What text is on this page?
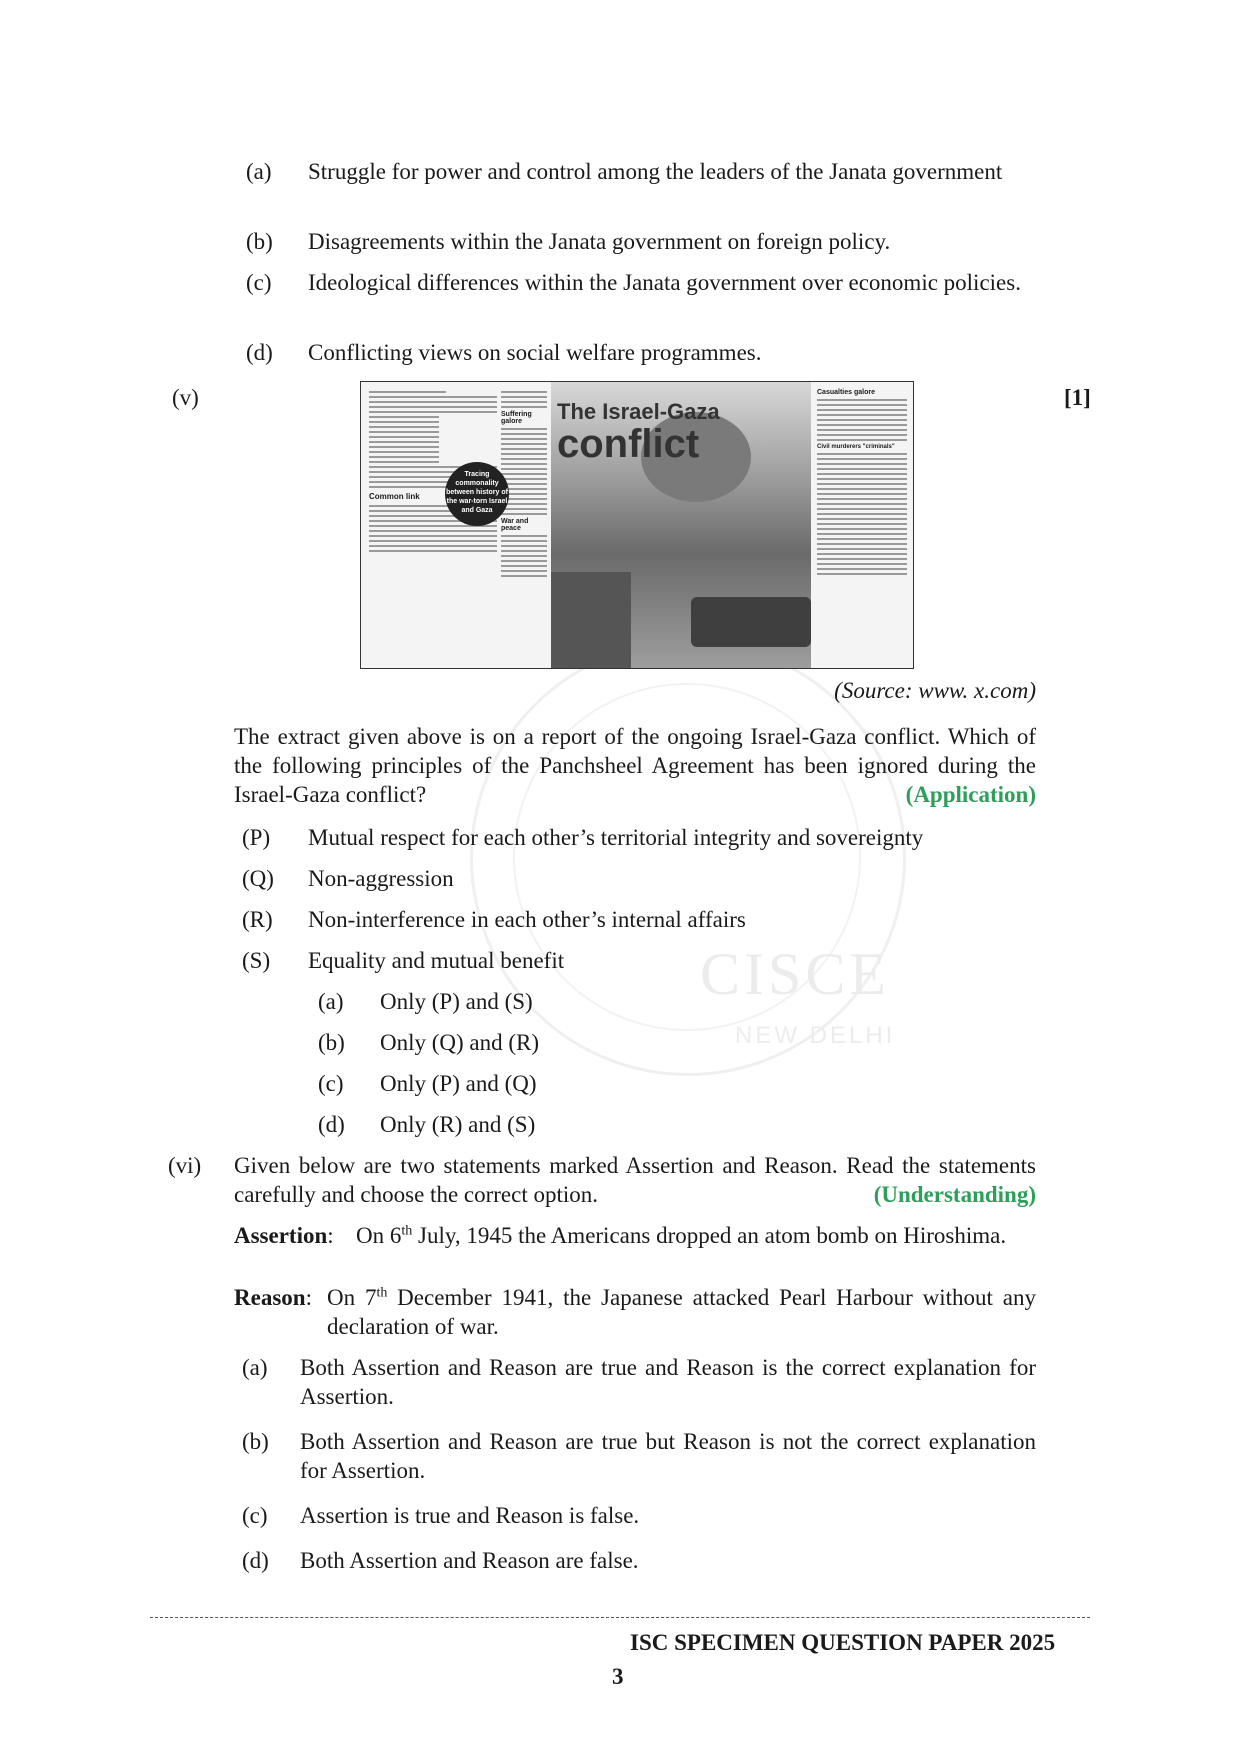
CISCE
NEW DELHI
(a) Struggle for power and control among the leaders of the Janata government
(b) Disagreements within the Janata government on foreign policy.
(c) Ideological differences within the Janata government over economic policies.
(d) Conflicting views on social welfare programmes.
(v)	[1]
Common link
Suffering galore
War and peace
Tracing commonality between history of the war-torn Israel and Gaza
The Israel-Gaza
conflict
Casualties galore
Civil murderers "criminals"
(Source: www. x.com)
The extract given above is on a report of the ongoing Israel-Gaza conflict. Which of the following principles of the Panchsheel Agreement has been ignored during the Israel-Gaza conflict?	(Application)
(P) Mutual respect for each other’s territorial integrity and sovereignty
(Q) Non-aggression
(R) Non-interference in each other’s internal affairs
(S) Equality and mutual benefit
(a) Only (P) and (S)
(b) Only (Q) and (R)
(c) Only (P) and (Q)
(d) Only (R) and (S)
(vi) Given below are two statements marked Assertion and Reason. Read the statements carefully and choose the correct option.	(Understanding)
Assertion: On 6th July, 1945 the Americans dropped an atom bomb on Hiroshima.
Reason: On 7th December 1941, the Japanese attacked Pearl Harbour without any declaration of war.
(a) Both Assertion and Reason are true and Reason is the correct explanation for Assertion.
(b) Both Assertion and Reason are true but Reason is not the correct explanation for Assertion.
(c) Assertion is true and Reason is false.
(d) Both Assertion and Reason are false.
ISC SPECIMEN QUESTION PAPER 2025
3
